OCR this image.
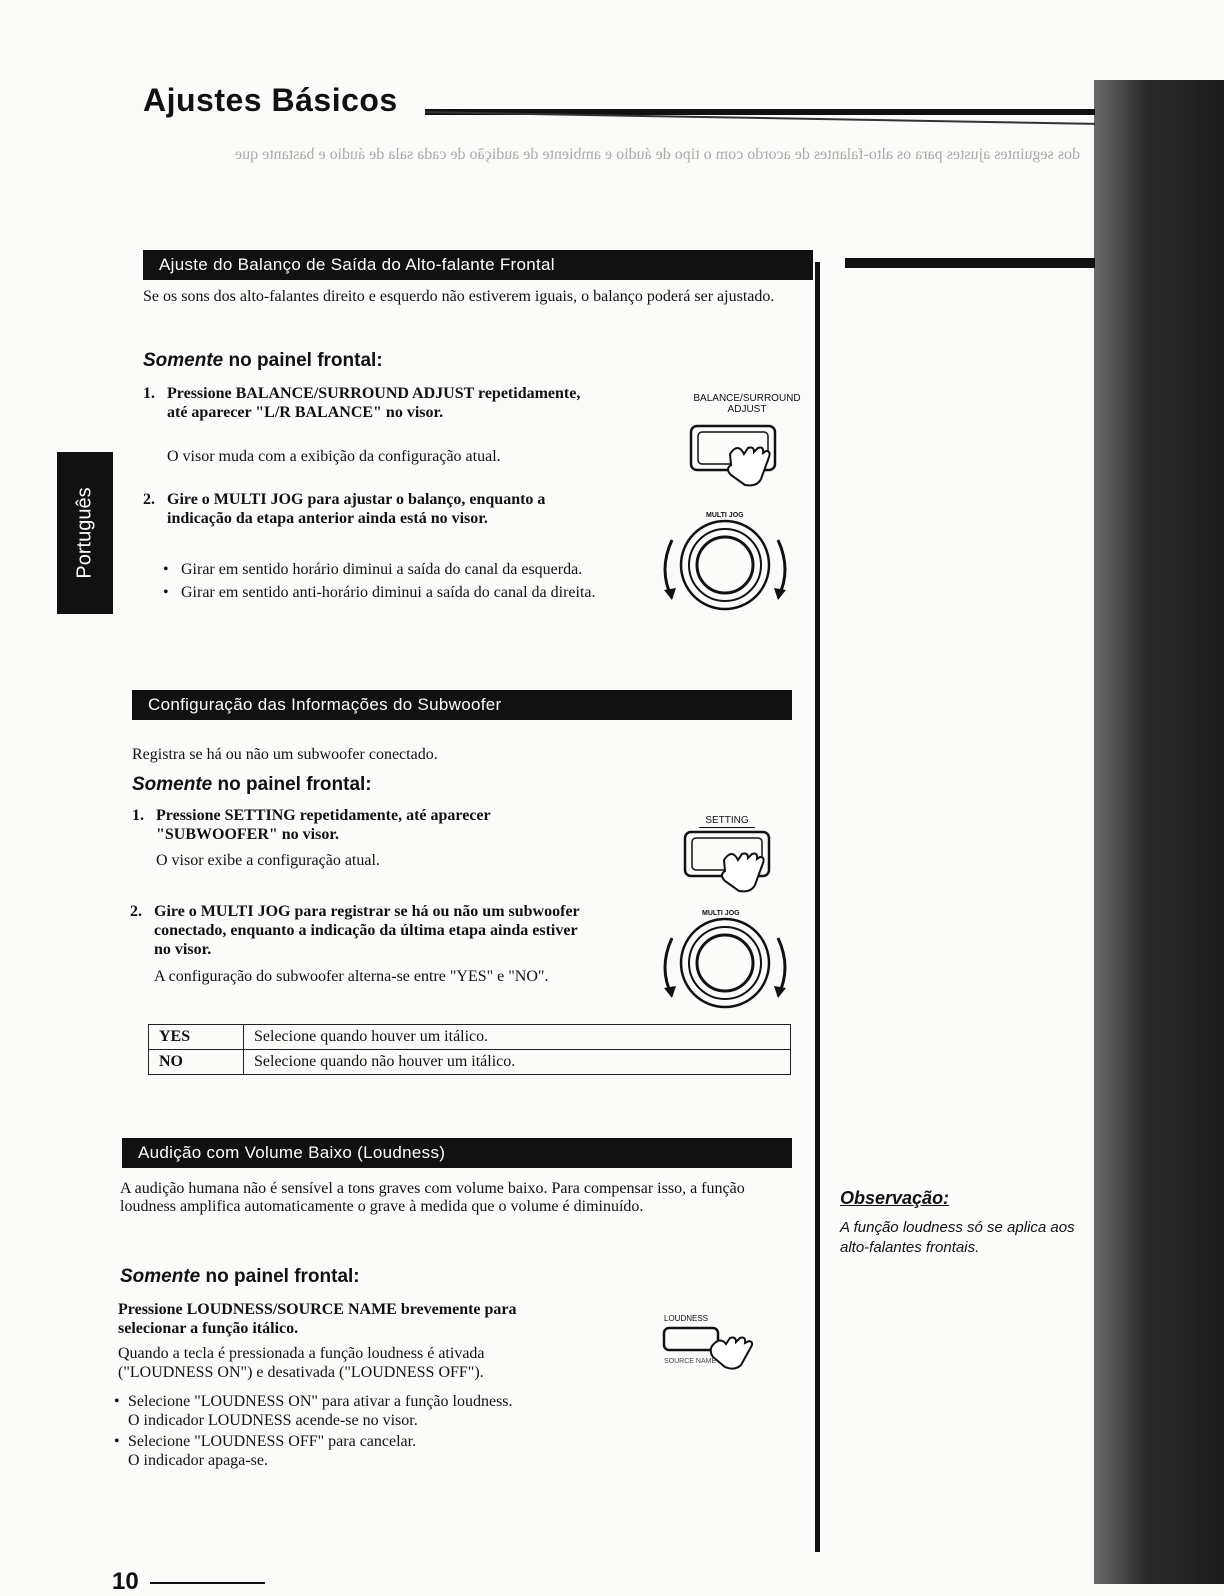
Ajustes Básicos
dos seguintes ajustes para os alto-falantes de acordo com o tipo de áudio e ambiente de audição de cada sala de áudio e bastante que
Português
Ajuste do Balanço de Saída do Alto-falante Frontal
Se os sons dos alto-falantes direito e esquerdo não estiverem iguais, o balanço poderá ser ajustado.
Somente no painel frontal:
1. Pressione BALANCE/SURROUND ADJUST repetidamente, até aparecer "L/R BALANCE" no visor.
O visor muda com a exibição da configuração atual.
2. Gire o MULTI JOG para ajustar o balanço, enquanto a indicação da etapa anterior ainda está no visor.
• Girar em sentido horário diminui a saída do canal da esquerda.
• Girar em sentido anti-horário diminui a saída do canal da direita.
BALANCE/SURROUND
ADJUST
MULTI JOG
Configuração das Informações do Subwoofer
Registra se há ou não um subwoofer conectado.
Somente no painel frontal:
1. Pressione SETTING repetidamente, até aparecer "SUBWOOFER" no visor.
O visor exibe a configuração atual.
2. Gire o MULTI JOG para registrar se há ou não um subwoofer conectado, enquanto a indicação da última etapa ainda estiver no visor.
A configuração do subwoofer alterna-se entre "YES" e "NO".
YES	Selecione quando houver um itálico.
NO	Selecione quando não houver um itálico.
SETTING
MULTI JOG
Audição com Volume Baixo (Loudness)
A audição humana não é sensível a tons graves com volume baixo. Para compensar isso, a função loudness amplifica automaticamente o grave à medida que o volume é diminuído.
Somente no painel frontal:
Pressione LOUDNESS/SOURCE NAME brevemente para selecionar a função itálico.
Quando a tecla é pressionada a função loudness é ativada ("LOUDNESS ON") e desativada ("LOUDNESS OFF").
• Selecione "LOUDNESS ON" para ativar a função loudness.
O indicador LOUDNESS acende-se no visor.
• Selecione "LOUDNESS OFF" para cancelar.
O indicador apaga-se.
LOUDNESS
SOURCE NAME
Observação:
A função loudness só se aplica aos alto-falantes frontais.
10
